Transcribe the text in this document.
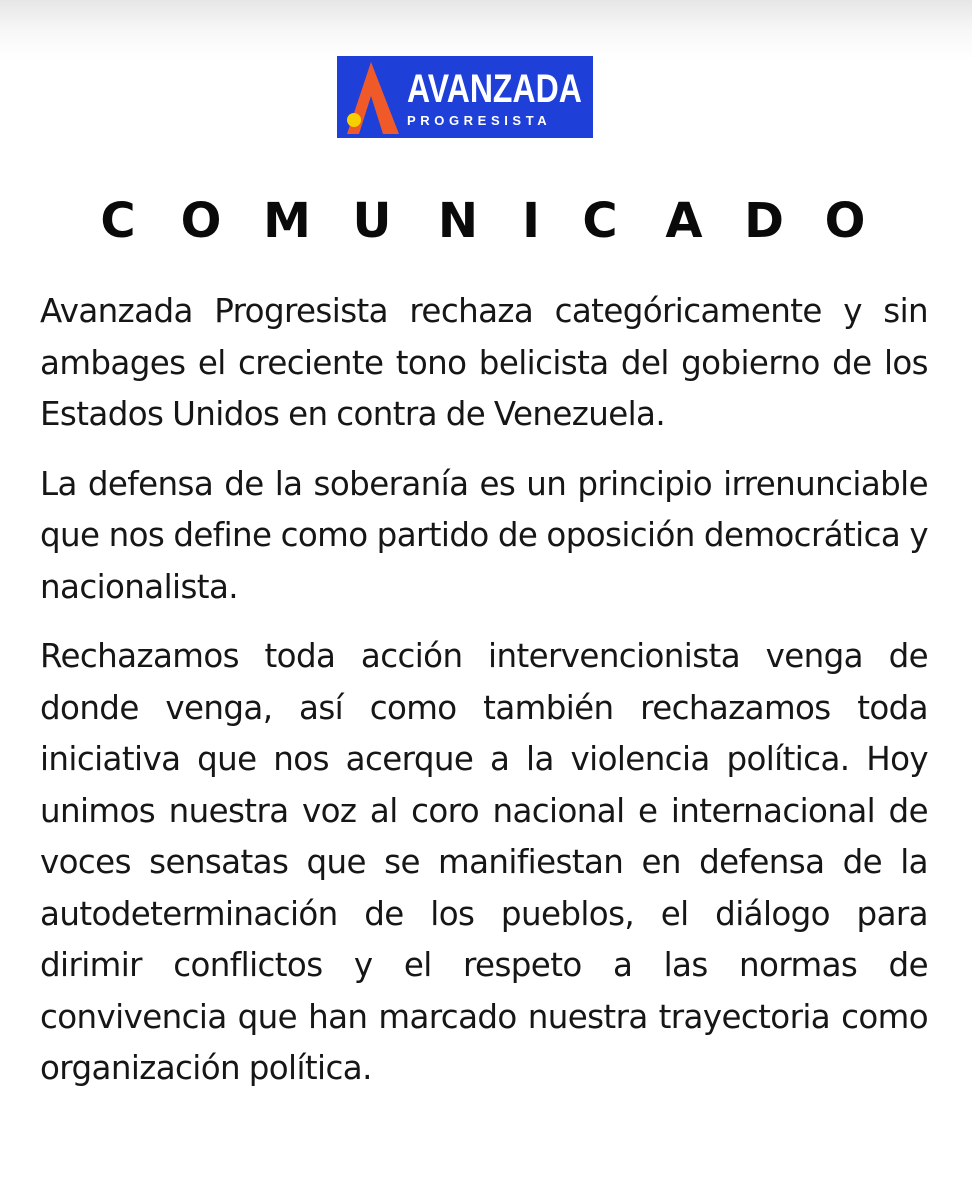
AVANZADA
PROGRESISTA
C O M U N I C A D O

Avanzada Progresista rechaza categóricamente y sin ambages el creciente tono belicista del gobierno de los Estados Unidos en contra de Venezuela.

La defensa de la soberanía es un principio irrenunciable que nos define como partido de oposición democrática y nacionalista.

Rechazamos toda acción intervencionista venga de donde venga, así como también rechazamos toda iniciativa que nos acerque a la violencia política. Hoy unimos nuestra voz al coro nacional e internacional de voces sensatas que se manifiestan en defensa de la autodeterminación de los pueblos, el diálogo para dirimir conflictos y el respeto a las normas de convivencia que han marcado nuestra trayectoria como organización política.
